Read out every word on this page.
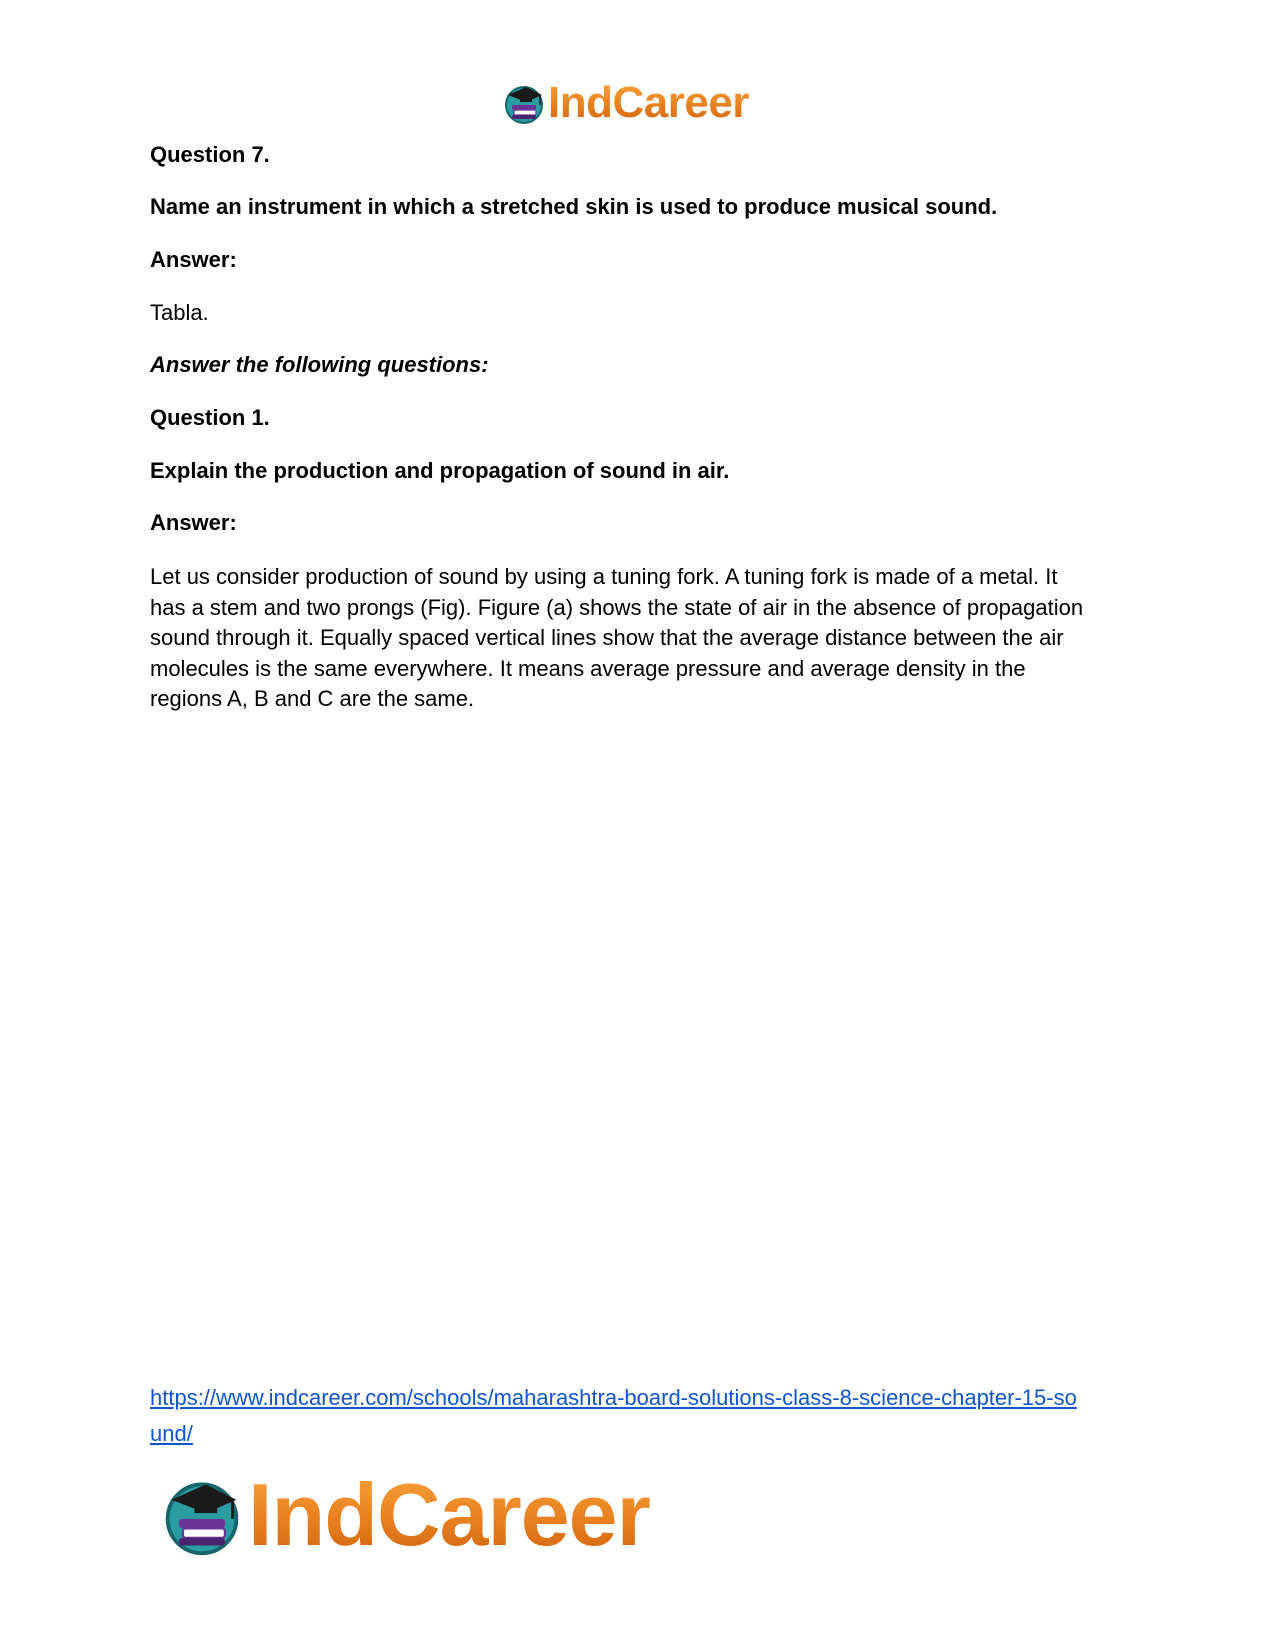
IndCareer
Question 7.
Name an instrument in which a stretched skin is used to produce musical sound.
Answer:
Tabla.
Answer the following questions:
Question 1.
Explain the production and propagation of sound in air.
Answer:
Let us consider production of sound by using a tuning fork. A tuning fork is made of a metal. It
has a stem and two prongs (Fig). Figure (a) shows the state of air in the absence of propagation
sound through it. Equally spaced vertical lines show that the average distance between the air
molecules is the same everywhere. It means average pressure and average density in the
regions A, B and C are the same.
https://www.indcareer.com/schools/maharashtra-board-solutions-class-8-science-chapter-15-so
und/
IndCareer
